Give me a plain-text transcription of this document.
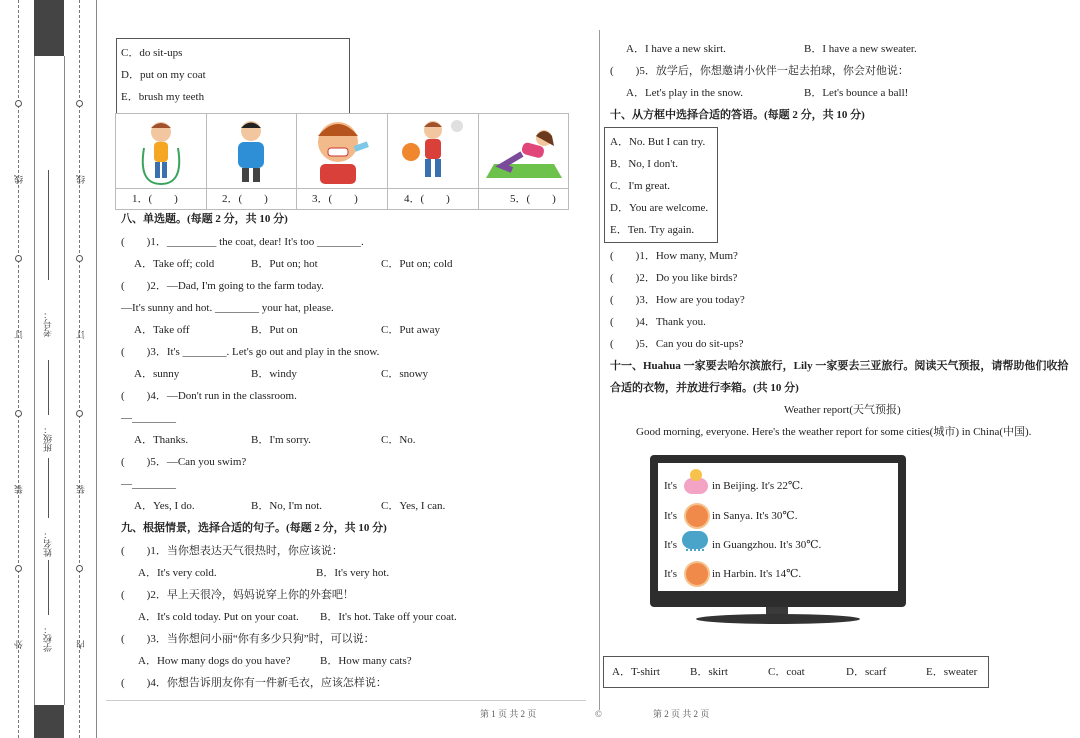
外
装
订
线
内
装
订
线
学校：
姓名：
班级：
考号：
C．do sit-ups
D．put on my coat
E．brush my teeth
1．(　　)	2．(　　)	3．(　　)	4．(　　)	5．(　　)
八、单选题。(每题 2 分，共 10 分)
(　　)1．_________ the coat, dear! It's too ________.
A．Take off; cold	B．Put on; hot	C．Put on; cold
(　　)2．—Dad, I'm going to the farm today.
—It's sunny and hot. ________ your hat, please.
A．Take off	B．Put on	C．Put away
(　　)3．It's ________. Let's go out and play in the snow.
A．sunny	B．windy	C．snowy
(　　)4．—Don't run in the classroom.
—________
A．Thanks.	B．I'm sorry.	C．No.
(　　)5．—Can you swim?
—________
A．Yes, I do.	B．No, I'm not.	C．Yes, I can.
九、根据情景，选择合适的句子。(每题 2 分，共 10 分)
(　　)1．当你想表达天气很热时，你应该说：
A．It's very cold.	B．It's very hot.
(　　)2．早上天很冷，妈妈说穿上你的外套吧！
A．It's cold today. Put on your coat. B．It's hot. Take off your coat.
(　　)3．当你想问小丽“你有多少只狗”时，可以说：
A．How many dogs do you have?	B．How many cats?
(　　)4．你想告诉朋友你有一件新毛衣，应该怎样说：
第 1 页 共 2 页	©
A．I have a new skirt.	B．I have a new sweater.
(　　)5．放学后，你想邀请小伙伴一起去拍球，你会对他说：
A．Let's play in the snow.	B．Let's bounce a ball!
十、从方框中选择合适的答语。(每题 2 分，共 10 分)
A．No. But I can try.
B．No, I don't.
C．I'm great.
D．You are welcome.
E．Ten. Try again.
(　　)1．How many, Mum?
(　　)2．Do you like birds?
(　　)3．How are you today?
(　　)4．Thank you.
(　　)5．Can you do sit-ups?
十一、Huahua 一家要去哈尔滨旅行，Lily 一家要去三亚旅行。阅读天气预报，请帮助他们收拾
合适的衣物，并放进行李箱。(共 10 分)
Weather report(天气预报)
Good morning, everyone. Here's the weather report for some cities(城市) in China(中国).
It's	in Beijing. It's 22℃.
It's	in Sanya. It's 30℃.
It's	in Guangzhou. It's 30℃.
It's	in Harbin. It's 14℃.
A．T-shirt	B．skirt	C．coat	D．scarf	E．sweater
第 2 页 共 2 页
